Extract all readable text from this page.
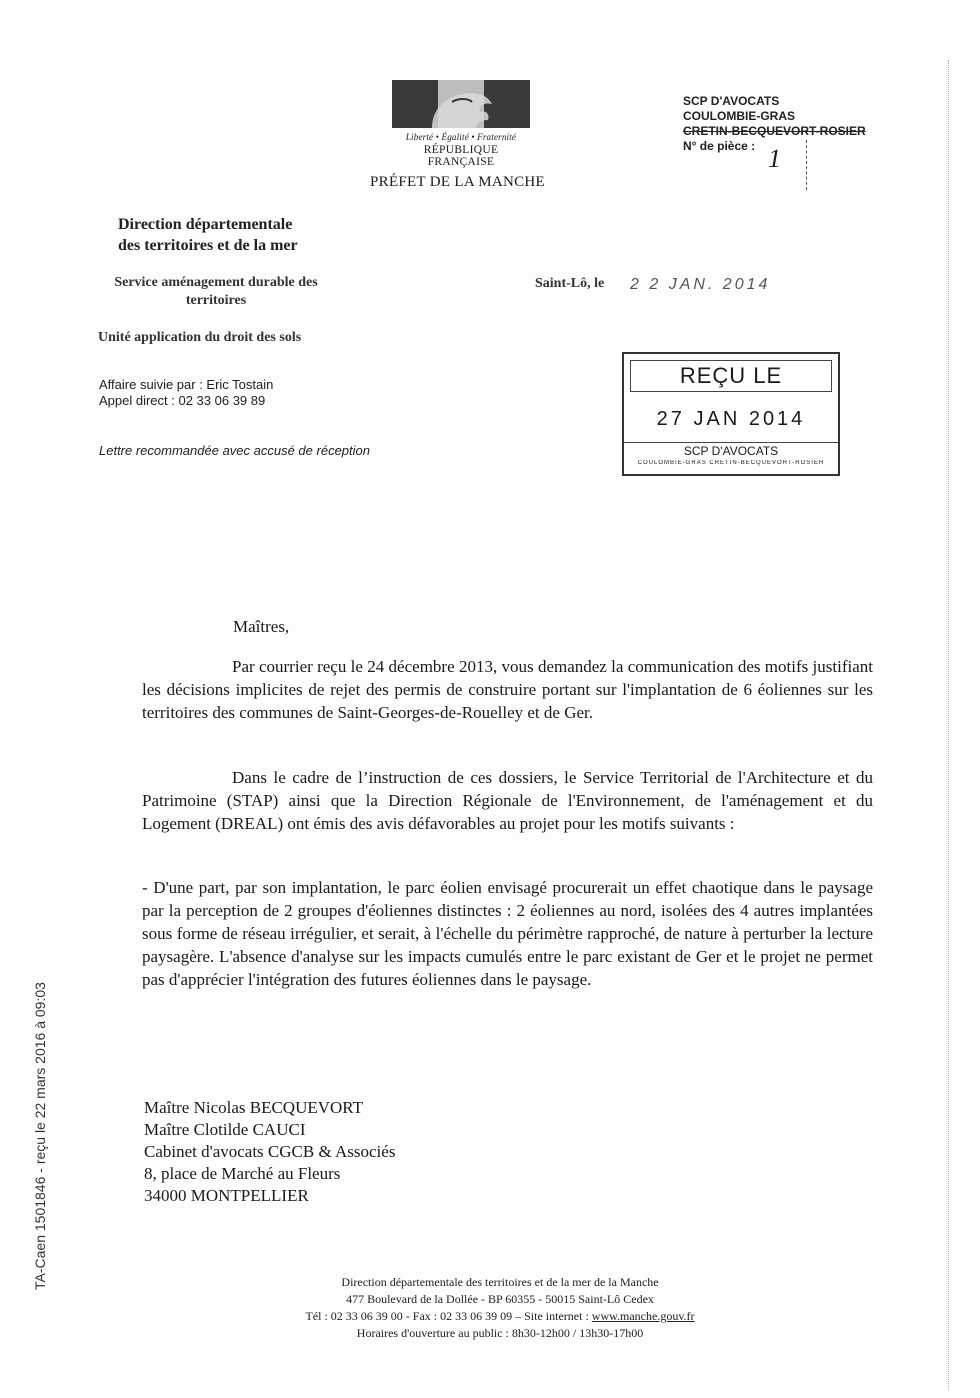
Liberté • Égalité • Fraternité
RÉPUBLIQUE FRANÇAISE
PRÉFET DE LA MANCHE
SCP D'AVOCATS
COULOMBIE-GRAS
CRETIN-BECQUEVORT-ROSIER
N° de pièce : 1
Direction départementale
des territoires et de la mer
Service aménagement durable des
territoires
Unité application du droit des sols
Affaire suivie par : Eric Tostain
Appel direct : 02 33 06 39 89
Lettre recommandée avec accusé de réception
Saint-Lô, le 2 2 JAN. 2014
REÇU LE
27 JAN 2014
SCP D'AVOCATS
COULOMBIE-GRAS CRETIN-BECQUEVORT-ROSIER
Maîtres,
Par courrier reçu le 24 décembre 2013, vous demandez la communication des motifs justifiant les décisions implicites de rejet des permis de construire portant sur l'implantation de 6 éoliennes sur les territoires des communes de Saint-Georges-de-Rouelley et de Ger.
Dans le cadre de l’instruction de ces dossiers, le Service Territorial de l'Architecture et du Patrimoine (STAP) ainsi que la Direction Régionale de l'Environnement, de l'aménagement et du Logement (DREAL) ont émis des avis défavorables au projet pour les motifs suivants :
- D'une part, par son implantation, le parc éolien envisagé procurerait un effet chaotique dans le paysage par la perception de 2 groupes d'éoliennes distinctes : 2 éoliennes au nord, isolées des 4 autres implantées sous forme de réseau irrégulier, et serait, à l'échelle du périmètre rapproché, de nature à perturber la lecture paysagère. L'absence d'analyse sur les impacts cumulés entre le parc existant de Ger et le projet ne permet pas d'apprécier l'intégration des futures éoliennes dans le paysage.
Maître Nicolas BECQUEVORT
Maître Clotilde CAUCI
Cabinet d'avocats CGCB & Associés
8, place de Marché au Fleurs
34000 MONTPELLIER
Direction départementale des territoires et de la mer de la Manche
477 Boulevard de la Dollée - BP 60355 - 50015 Saint-Lô Cedex
Tél : 02 33 06 39 00 - Fax : 02 33 06 39 09 – Site internet : www.manche.gouv.fr
Horaires d'ouverture au public : 8h30-12h00 / 13h30-17h00
TA-Caen 1501846 - reçu le 22 mars 2016 à 09:03
